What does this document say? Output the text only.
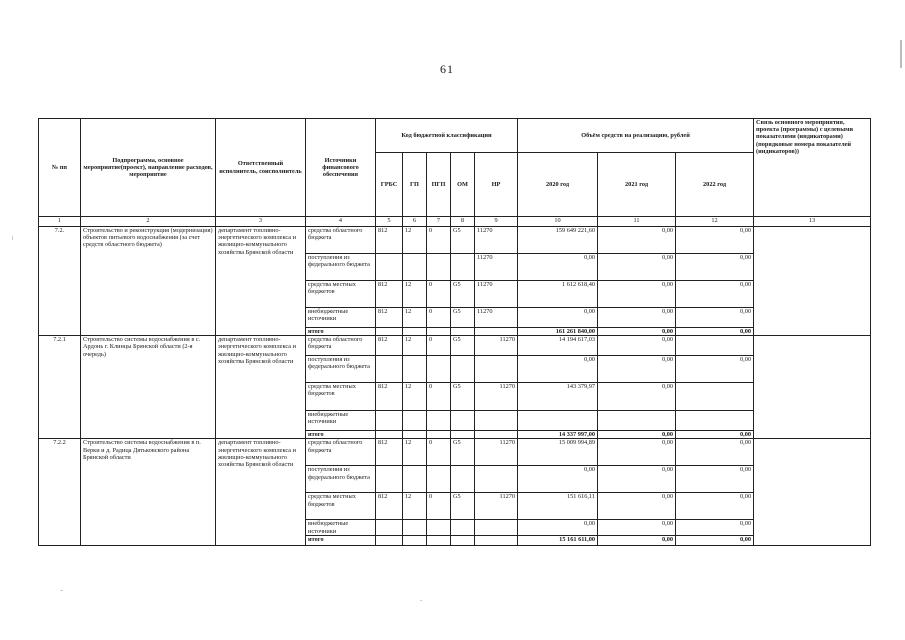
61
№ пп	Подпрограмма, основное мероприятие(проект), направление расходов, мероприятие	Ответственный исполнитель, соисполнитель	Источники финансового обеспечения	Код бюджетной классификации					Объём средств на реализацию, рублей			Связь основного мероприятия, проекта (программы) с целевыми показателями (индикаторами) (порядковые номера показателей (индикаторов))
				ГРБС	ГП	ПГП	ОМ	НР	2020 год	2021 год	2022 год	
1	2	3	4	5	6	7	8	9	10	11	12	13
7.2.	Строительство и реконструкция (модернизация) объектов питьевого водоснабжения (за счет средств областного бюджета)	департамент топливно-энергетического комплекса и жилищно-коммунального хозяйства Брянской области	средства областного бюджета	812	12	0	G5	11270	159 649 221,60	0,00	0,00	
			поступления из федерального бюджета					11270	0,00	0,00	0,00	
			средства местных бюджетов	812	12	0	G5	11270	1 612 618,40	0,00	0,00	
			внебюджетные источники	812	12	0	G5	11270	0,00	0,00	0,00	
			итого						161 261 840,00	0,00	0,00	
7.2.1	Строительство системы водоснабжения в с. Ардонь г. Клинцы Брянской области (2-я очередь)	департамент топливно-энергетического комплекса и жилищно-коммунального хозяйства Брянской области	средства областного бюджета	812	12	0	G5	11270	14 194 617,03	0,00		
			поступления из федерального бюджета						0,00	0,00	0,00	
			средства местных бюджетов	812	12	0	G5	11270	143 379,97	0,00		
			внебюджетные источники									
			итого						14 337 997,00	0,00	0,00	
7.2.2	Строительство системы водоснабжения в п. Верки и д. Радица Дятьковского района Брянской области	департамент топливно-энергетического комплекса и жилищно-коммунального хозяйства Брянской области	средства областного бюджета	812	12	0	G5	11270	15 009 994,89	0,00	0,00	
			поступления из федерального бюджета						0,00	0,00	0,00	
			средства местных бюджетов	812	12	0	G5	11270	151 616,11	0,00	0,00	
			внебюджетные источники						0,00	0,00	0,00	
			итого						15 161 611,00	0,00	0,00	
